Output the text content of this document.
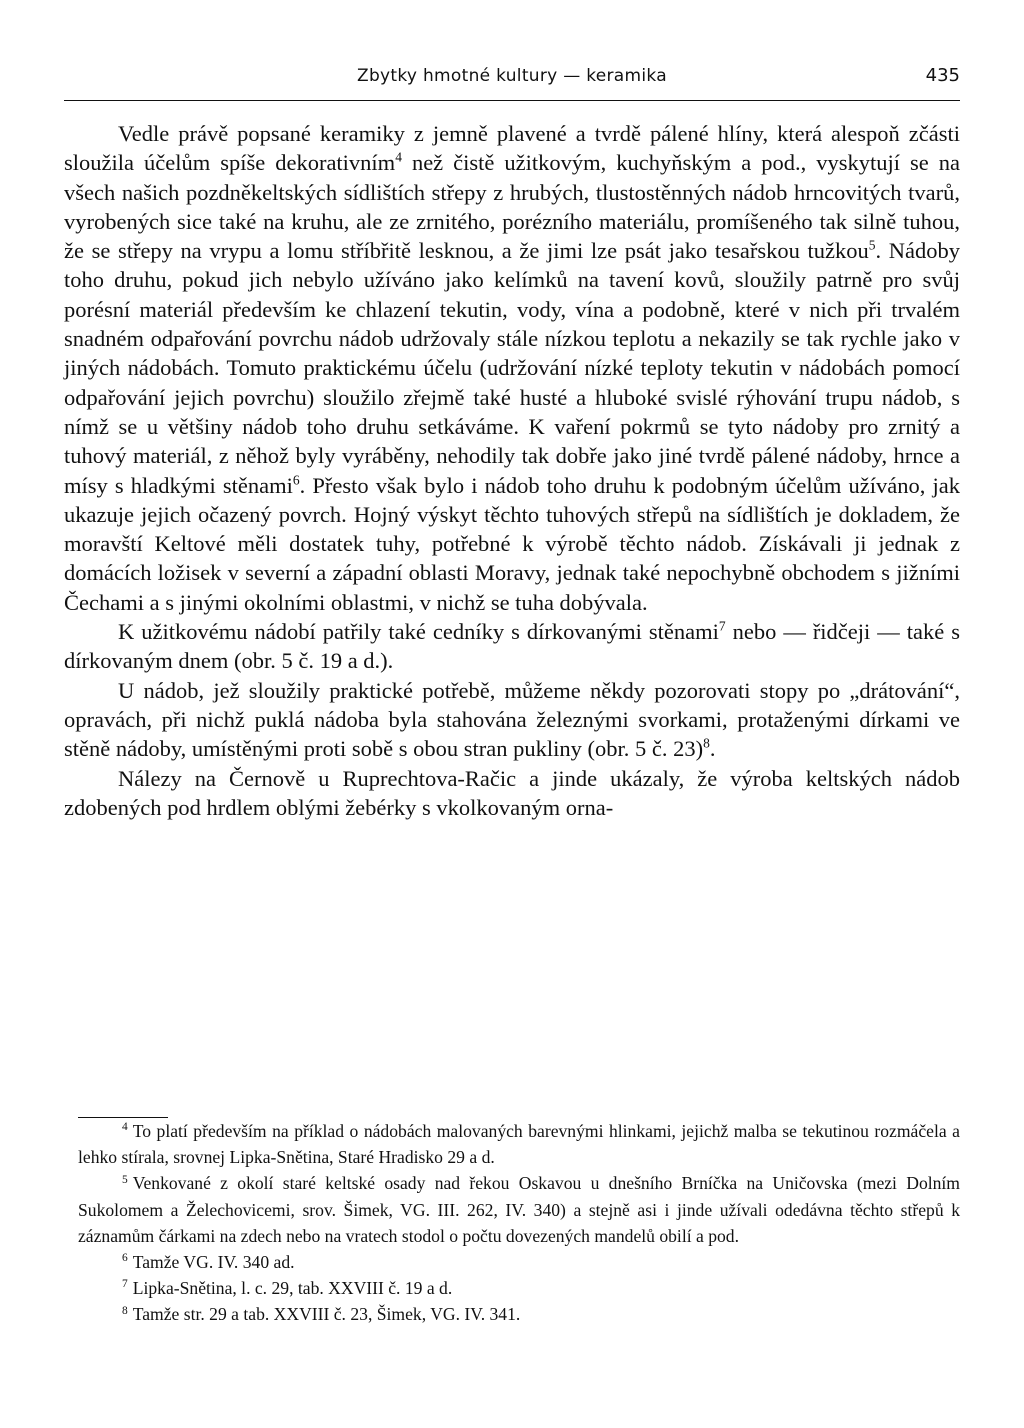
Zbytky hmotné kultury — keramika	435

Vedle právě popsané keramiky z jemně plavené a tvrdě pálené hlíny, která alespoň zčásti sloužila účelům spíše dekorativním$^4$ než čistě užitkovým, kuchyňským a pod., vyskytují se na všech našich pozdněkeltských sídlištích střepy z hrubých, tlustostěnných nádob hrncovitých tvarů, vyrobených sice také na kruhu, ale ze zrnitého, porézního materiálu, promíšeného tak silně tuhou, že se střepy na vrypu a lomu stříbřitě lesknou, a že jimi lze psát jako tesařskou tužkou$^5$. Nádoby toho druhu, pokud jich nebylo užíváno jako kelímků na tavení kovů, sloužily patrně pro svůj porésní materiál především ke chlazení tekutin, vody, vína a podobně, které v nich při trvalém snadném odpařování povrchu nádob udržovaly stále nízkou teplotu a nekazily se tak rychle jako v jiných nádobách. Tomuto praktickému účelu (udržování nízké teploty tekutin v nádobách pomocí odpařování jejich povrchu) sloužilo zřejmě také husté a hluboké svislé rýhování trupu nádob, s nímž se u většiny nádob toho druhu setkáváme. K vaření pokrmů se tyto nádoby pro zrnitý a tuhový materiál, z něhož byly vyráběny, nehodily tak dobře jako jiné tvrdě pálené nádoby, hrnce a mísy s hladkými stěnami$^6$. Přesto však bylo i nádob toho druhu k podobným účelům užíváno, jak ukazuje jejich očazený povrch. Hojný výskyt těchto tuhových střepů na sídlištích je dokladem, že moravští Keltové měli dostatek tuhy, potřebné k výrobě těchto nádob. Získávali ji jednak z domácích ložisek v severní a západní oblasti Moravy, jednak také nepochybně obchodem s jižními Čechami a s jinými okolními oblastmi, v nichž se tuha dobývala.

K užitkovému nádobí patřily také cedníky s dírkovanými stěnami$^7$ nebo — řidčeji — také s dírkovaným dnem (obr. 5 č. 19 a d.).

U nádob, jež sloužily praktické potřebě, můžeme někdy pozorovati stopy po „drátování“, opravách, při nichž puklá nádoba byla stahována železnými svorkami, protaženými dírkami ve stěně nádoby, umístěnými proti sobě s obou stran pukliny (obr. 5 č. 23)$^8$.

Nálezy na Černově u Ruprechtova-Račic a jinde ukázaly, že výroba keltských nádob zdobených pod hrdlem oblými žebérky s vkolkovaným orna-

$^4$ To platí především na příklad o nádobách malovaných barevnými hlinkami, jejichž malba se tekutinou rozmáčela a lehko stírala, srovnej Lipka-Snětina, Staré Hradisko 29 a d.

$^5$ Venkované z okolí staré keltské osady nad řekou Oskavou u dnešního Brníčka na Uničovska (mezi Dolním Sukolomem a Želechovicemi, srov. Šimek, VG. III. 262, IV. 340) a stejně asi i jinde užívali odedávna těchto střepů k záznamům čárkami na zdech nebo na vratech stodol o počtu dovezených mandelů obilí a pod.

$^6$ Tamže VG. IV. 340 ad.

$^7$ Lipka-Snětina, l. c. 29, tab. XXVIII č. 19 a d.

$^8$ Tamže str. 29 a tab. XXVIII č. 23, Šimek, VG. IV. 341.
